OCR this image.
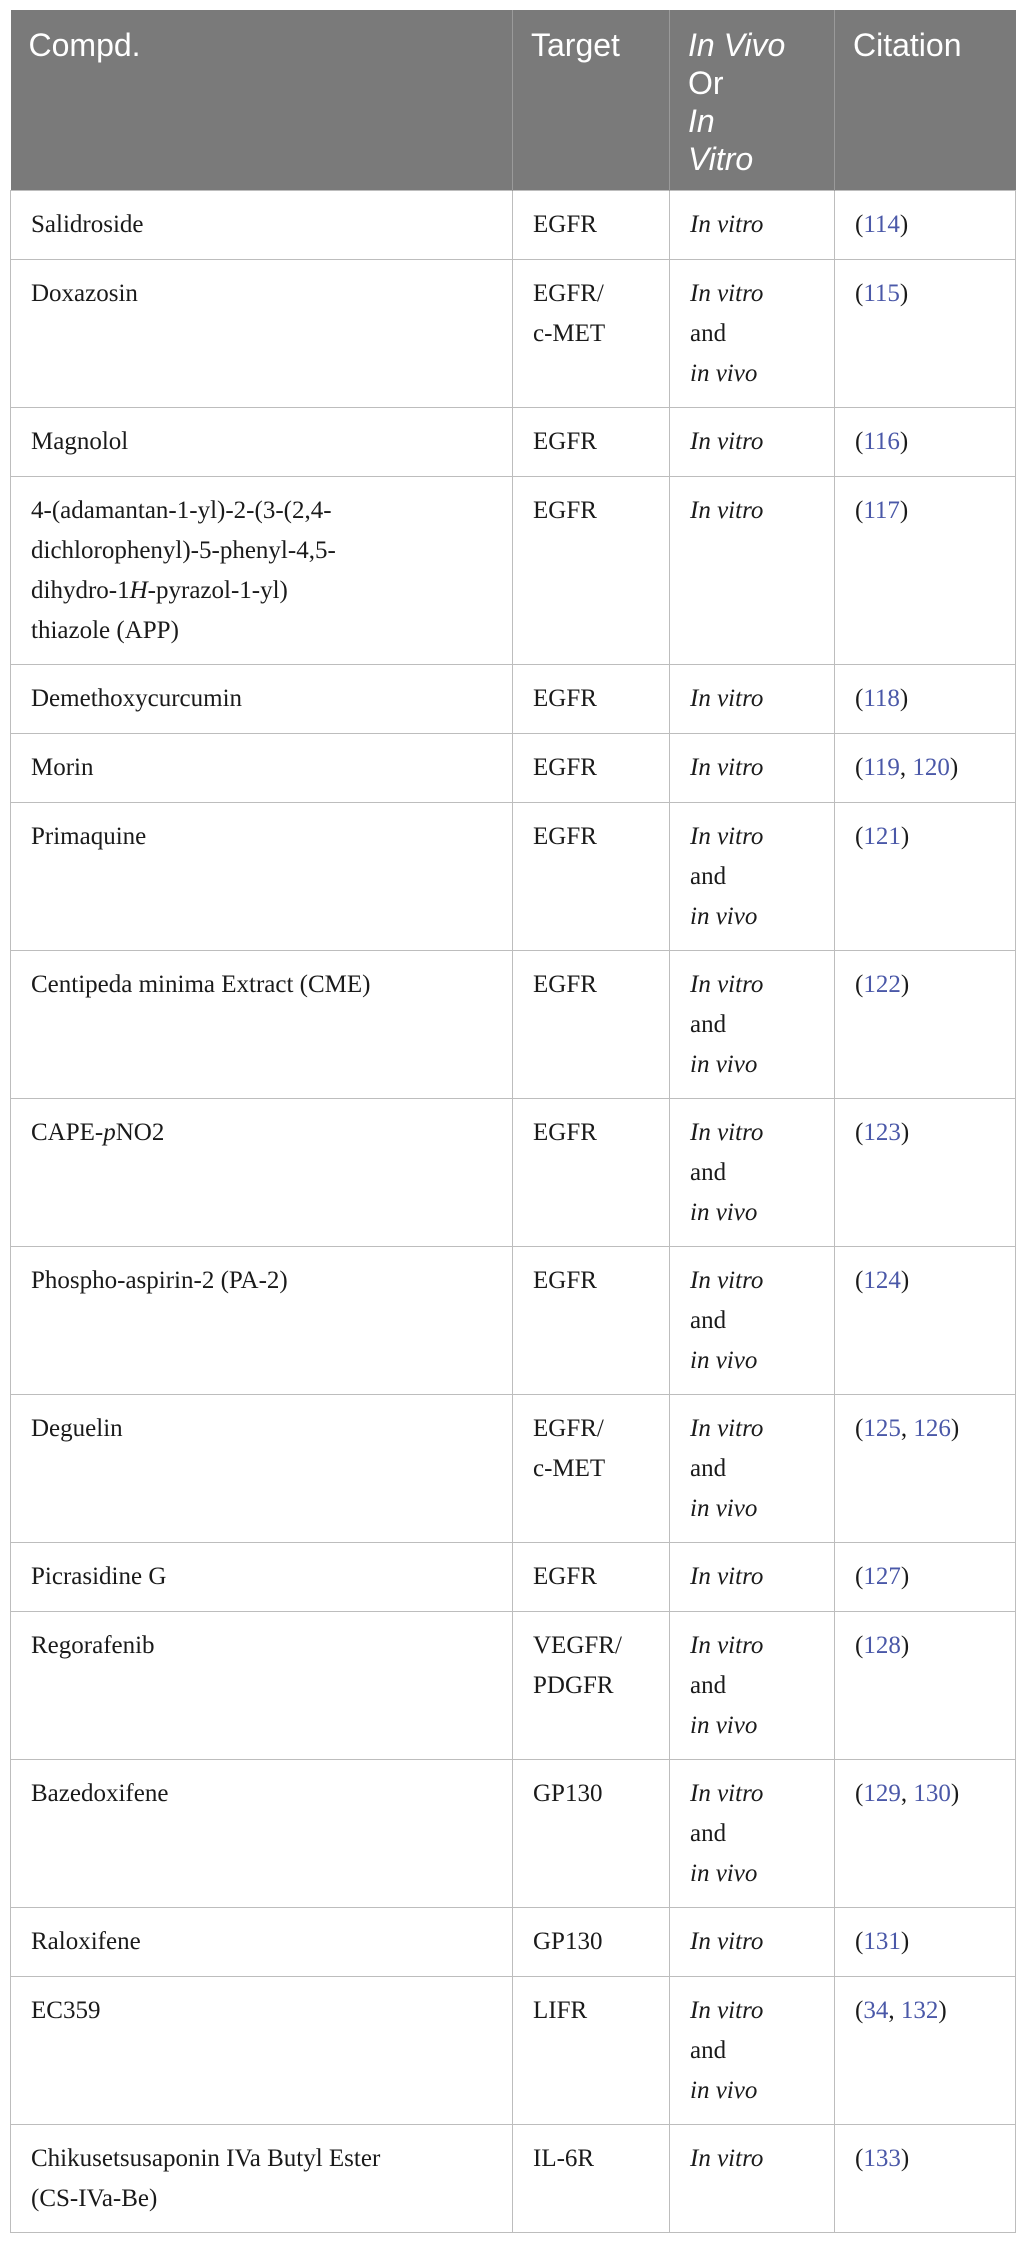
Compd.	Target	In Vivo
Or
In
Vitro	Citation

Salidroside	EGFR	In vitro	(114)

Doxazosin	EGFR/
c-MET	In vitro
and
in vivo	(115)

Magnolol	EGFR	In vitro	(116)

4-(adamantan-1-yl)-2-(3-(2,4-
dichlorophenyl)-5-phenyl-4,5-
dihydro-1H-pyrazol-1-yl)
thiazole (APP)	EGFR	In vitro	(117)

Demethoxycurcumin	EGFR	In vitro	(118)

Morin	EGFR	In vitro	(119, 120)

Primaquine	EGFR	In vitro
and
in vivo	(121)

Centipeda minima Extract (CME)	EGFR	In vitro
and
in vivo	(122)

CAPE-pNO2	EGFR	In vitro
and
in vivo	(123)

Phospho-aspirin-2 (PA-2)	EGFR	In vitro
and
in vivo	(124)

Deguelin	EGFR/
c-MET	In vitro
and
in vivo	(125, 126)

Picrasidine G	EGFR	In vitro	(127)

Regorafenib	VEGFR/
PDGFR	In vitro
and
in vivo	(128)

Bazedoxifene	GP130	In vitro
and
in vivo	(129, 130)

Raloxifene	GP130	In vitro	(131)

EC359	LIFR	In vitro
and
in vivo	(34, 132)

Chikusetsusaponin IVa Butyl Ester
(CS-IVa-Be)	IL-6R	In vitro	(133)
